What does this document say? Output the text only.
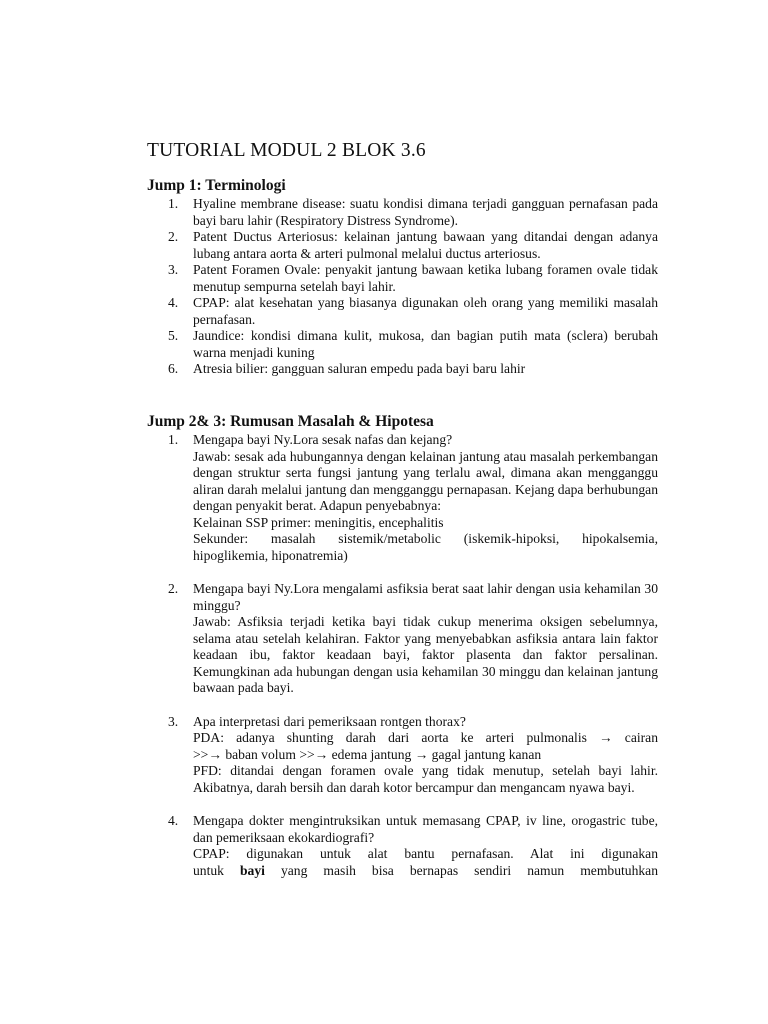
TUTORIAL MODUL 2 BLOK 3.6
Jump 1: Terminologi
1. Hyaline membrane disease: suatu kondisi dimana terjadi gangguan pernafasan pada bayi baru lahir (Respiratory Distress Syndrome).
2. Patent Ductus Arteriosus: kelainan jantung bawaan yang ditandai dengan adanya lubang antara aorta & arteri pulmonal melalui ductus arteriosus.
3. Patent Foramen Ovale: penyakit jantung bawaan ketika lubang foramen ovale tidak menutup sempurna setelah bayi lahir.
4. CPAP: alat kesehatan yang biasanya digunakan oleh orang yang memiliki masalah pernafasan.
5. Jaundice: kondisi dimana kulit, mukosa, dan bagian putih mata (sclera) berubah warna menjadi kuning
6. Atresia bilier: gangguan saluran empedu pada bayi baru lahir
Jump 2& 3: Rumusan Masalah & Hipotesa
1. Mengapa bayi Ny.Lora sesak nafas dan kejang?
Jawab: sesak ada hubungannya dengan kelainan jantung atau masalah perkembangan dengan struktur serta fungsi jantung yang terlalu awal, dimana akan mengganggu aliran darah melalui jantung dan mengganggu pernapasan. Kejang dapa berhubungan dengan penyakit berat. Adapun penyebabnya:
Kelainan SSP primer: meningitis, encephalitis
Sekunder: masalah sistemik/metabolic (iskemik-hipoksi, hipokalsemia, hipoglikemia, hiponatremia)
2. Mengapa bayi Ny.Lora mengalami asfiksia berat saat lahir dengan usia kehamilan 30 minggu?
Jawab: Asfiksia terjadi ketika bayi tidak cukup menerima oksigen sebelumnya, selama atau setelah kelahiran. Faktor yang menyebabkan asfiksia antara lain faktor keadaan ibu, faktor keadaan bayi, faktor plasenta dan faktor persalinan. Kemungkinan ada hubungan dengan usia kehamilan 30 minggu dan kelainan jantung bawaan pada bayi.
3. Apa interpretasi dari pemeriksaan rontgen thorax?
PDA: adanya shunting darah dari aorta ke arteri pulmonalis → cairan
>>→ baban volum >>→ edema jantung → gagal jantung kanan
PFD: ditandai dengan foramen ovale yang tidak menutup, setelah bayi lahir. Akibatnya, darah bersih dan darah kotor bercampur dan mengancam nyawa bayi.
4. Mengapa dokter mengintruksikan untuk memasang CPAP, iv line, orogastric tube, dan pemeriksaan ekokardiografi?
CPAP: digunakan untuk alat bantu pernafasan. Alat ini digunakan
untuk bayi yang masih bisa bernapas sendiri namun membutuhkan
